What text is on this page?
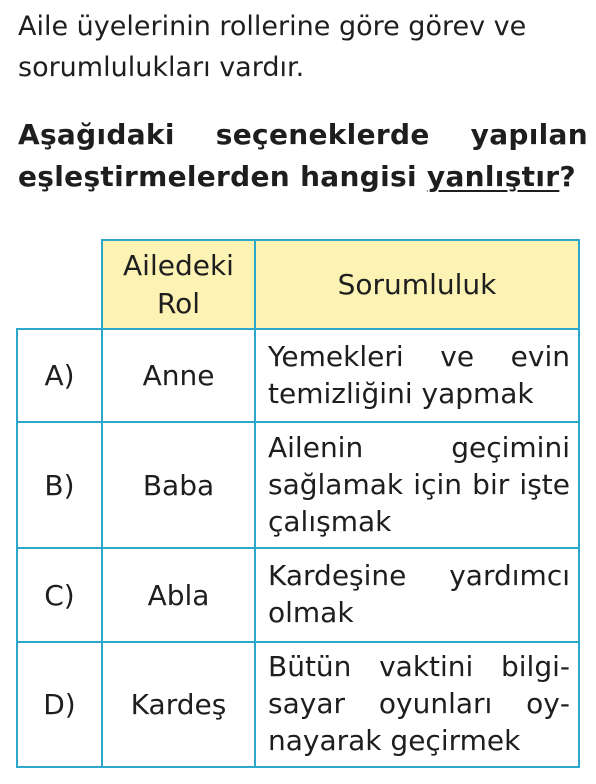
Aile üyelerinin rollerine göre görev ve sorumlulukları vardır.

Aşağıdaki seçeneklerde yapılan eşleştirmelerden hangisi yanlıştır?

	Ailedeki Rol	Sorumluluk
A)	Anne	Yemekleri ve evin temizliğini yapmak
B)	Baba	Ailenin geçimini sağlamak için bir işte çalışmak
C)	Abla	Kardeşine yardımcı olmak
D)	Kardeş	Bütün vaktini bilgisayar oyunları oynayarak geçirmek
